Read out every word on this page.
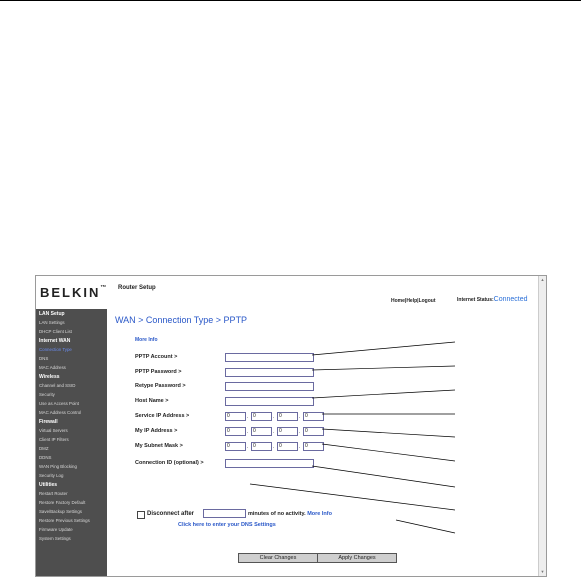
BELKIN™ Router Setup
Home|Help|Logout	Internet Status:Connected
LAN Setup
LAN Settings
DHCP Client List
Internet WAN
Connection Type
DNS
MAC Address
Wireless
Channel and SSID
Security
Use as Access Point
MAC Address Control
Firewall
Virtual Servers
Client IP Filters
DMZ
DDNS
WAN Ping Blocking
Security Log
Utilities
Restart Router
Restore Factory Default
Save/Backup Settings
Restore Previous Settings
Firmware Update
System Settings
WAN > Connection Type > PPTP
More Info
PPTP Account >
PPTP Password >
Retype Password >
Host Name >
Service IP Address >	0	. 0	. 0	. 0
My IP Address >	0	. 0	. 0	. 0
My Subnet Mask >	0	. 0	. 0	. 0
Connection ID (optional) >
Disconnect after	minutes of no activity. More Info
Click here to enter your DNS Settings
Clear Changes	Apply Changes
▲
▼
